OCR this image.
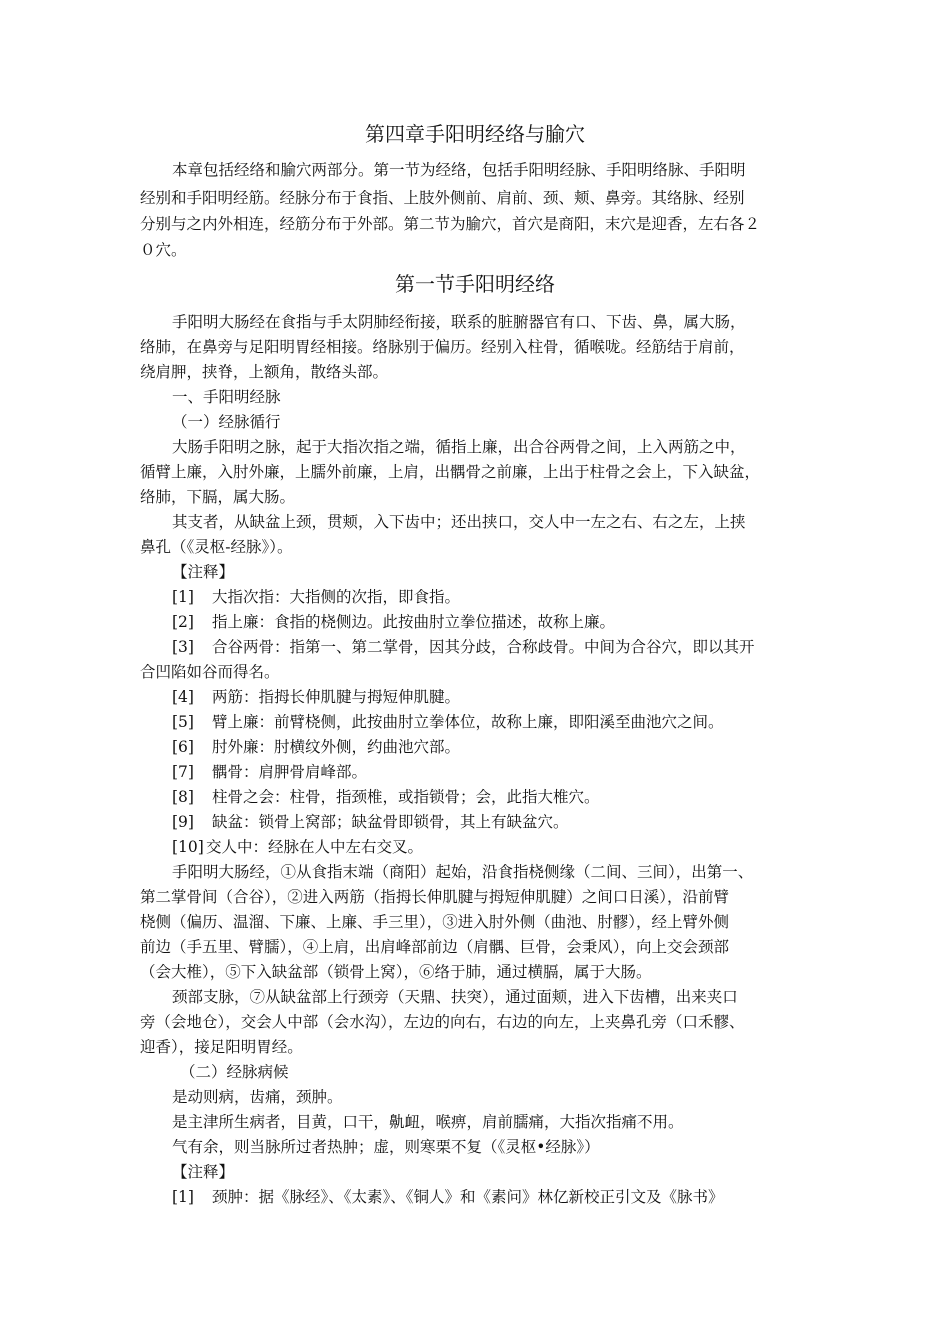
第四章手阳明经络与腧穴
本章包括经络和腧穴两部分。第一节为经络，包括手阳明经脉、手阳明络脉、手阳明
经别和手阳明经筋。经脉分布于食指、上肢外侧前、肩前、颈、颊、鼻旁。其络脉、经别
分别与之内外相连，经筋分布于外部。第二节为腧穴，首穴是商阳，末穴是迎香，左右各２
０穴。
第一节手阳明经络
手阳明大肠经在食指与手太阴肺经衔接，联系的脏腑器官有口、下齿、鼻，属大肠，
络肺，在鼻旁与足阳明胃经相接。络脉别于偏历。经别入柱骨，循喉咙。经筋结于肩前，
绕肩胛，挟脊，上额角，散络头部。
一、手阳明经脉
（一）经脉循行
大肠手阳明之脉，起于大指次指之端，循指上廉，出合谷两骨之间，上入两筋之中，
循臂上廉，入肘外廉，上臑外前廉，上肩，出髃骨之前廉，上出于柱骨之会上，下入缺盆，
络肺，下膈，属大肠。
其支者，从缺盆上颈，贯颊，入下齿中；还出挟口，交人中一左之右、右之左，上挟
鼻孔（《灵枢-经脉》）。
【注释】
[1] 大指次指：大指侧的次指，即食指。
[2] 指上廉：食指的桡侧边。此按曲肘立拳位描述，故称上廉。
[3] 合谷两骨：指第一、第二掌骨，因其分歧，合称歧骨。中间为合谷穴，即以其开
合凹陷如谷而得名。
[4] 两筋：指拇长伸肌腱与拇短伸肌腱。
[5] 臂上廉：前臂桡侧，此按曲肘立拳体位，故称上廉，即阳溪至曲池穴之间。
[6] 肘外廉：肘横纹外侧，约曲池穴部。
[7] 髃骨：肩胛骨肩峰部。
[8] 柱骨之会：柱骨，指颈椎，或指锁骨；会，此指大椎穴。
[9] 缺盆：锁骨上窝部；缺盆骨即锁骨，其上有缺盆穴。
[10] 交人中：经脉在人中左右交叉。
手阳明大肠经，①从食指末端（商阳）起始，沿食指桡侧缘（二间、三间），出第一、
第二掌骨间（合谷），②进入两筋（指拇长伸肌腱与拇短伸肌腱）之间口日溪），沿前臂
桡侧（偏历、温溜、下廉、上廉、手三里），③进入肘外侧（曲池、肘髎），经上臂外侧
前边（手五里、臂臑），④上肩，出肩峰部前边（肩髃、巨骨，会秉风），向上交会颈部
（会大椎），⑤下入缺盆部（锁骨上窝），⑥络于肺，通过横膈，属于大肠。
颈部支脉，⑦从缺盆部上行颈旁（天鼎、扶突），通过面颊，进入下齿槽，出来夹口
旁（会地仓），交会人中部（会水沟），左边的向右，右边的向左，上夹鼻孔旁（口禾髎、
迎香），接足阳明胃经。
（二）经脉病候
是动则病，齿痛，颈肿。
是主津所生病者，目黄，口干，鼽衄，喉痹，肩前臑痛，大指次指痛不用。
气有余，则当脉所过者热肿；虚，则寒栗不复（《灵枢•经脉》）
【注释】
[1] 颈肿：据《脉经》、《太素》、《铜人》和《素问》林亿新校正引文及《脉书》
